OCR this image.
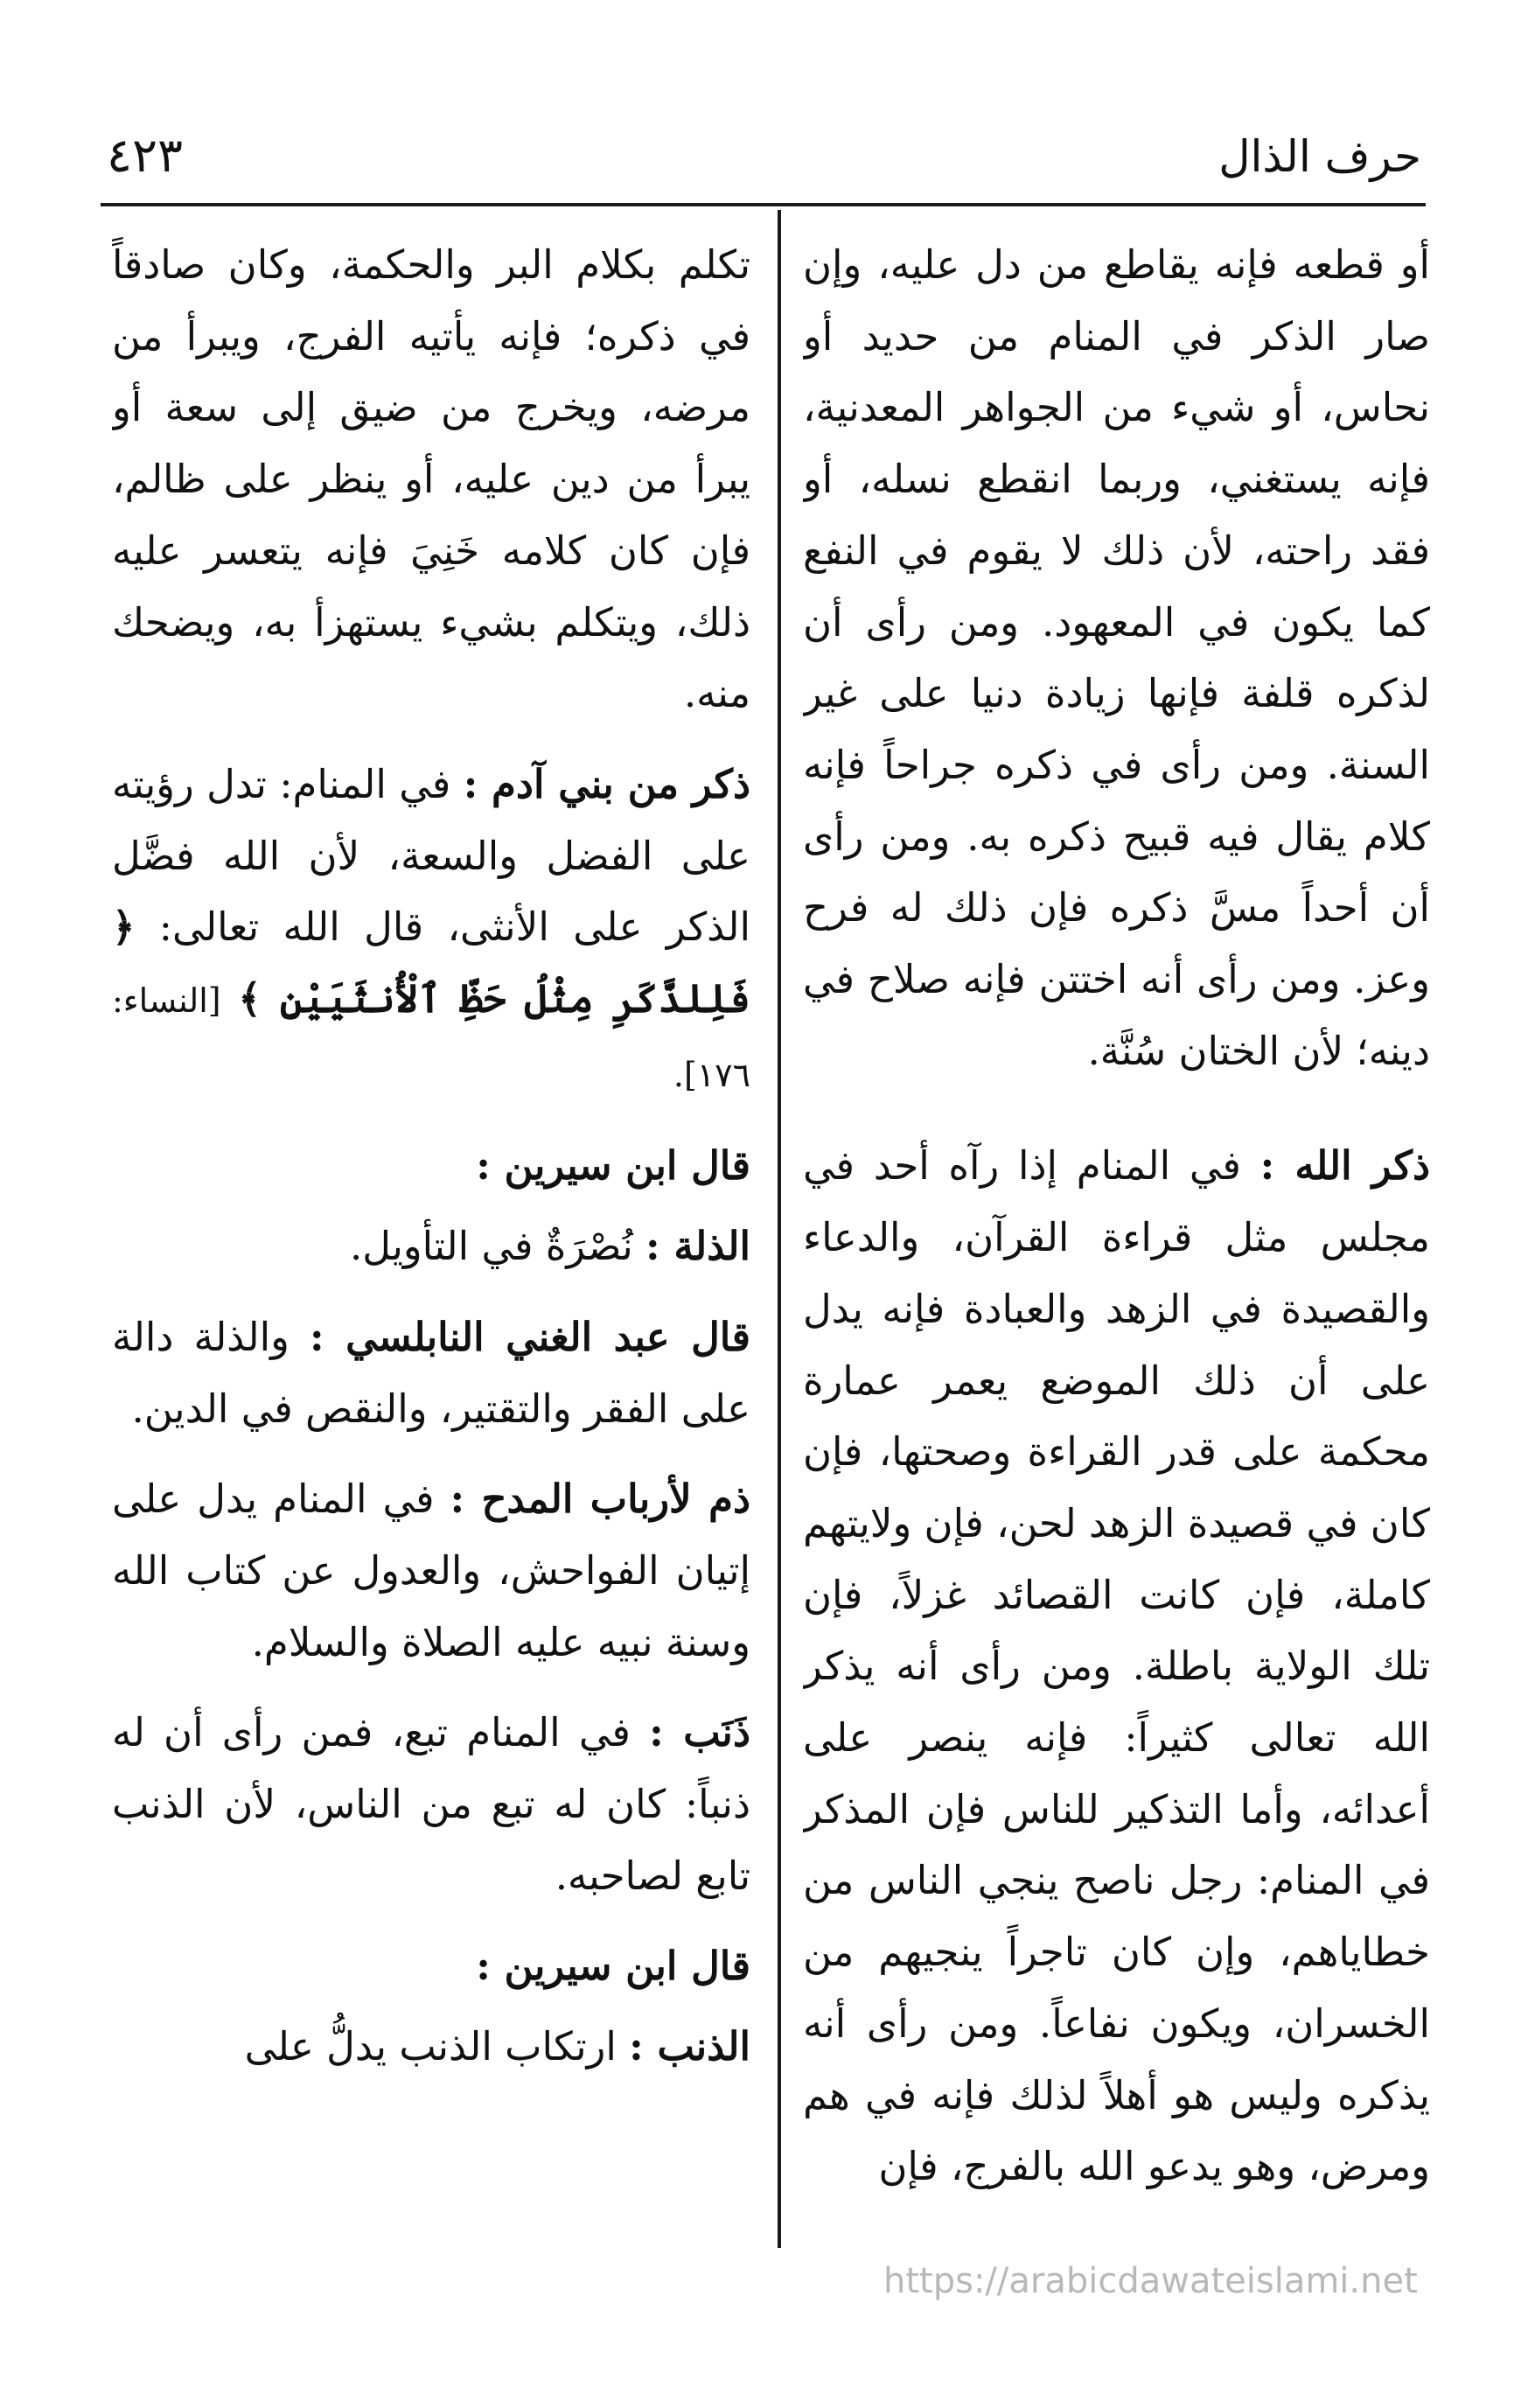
حرف الذال
٤٢٣

أو قطعه فإنه يقاطع من دل عليه، وإن صار الذكر في المنام من حديد أو نحاس، أو شيء من الجواهر المعدنية، فإنه يستغني، وربما انقطع نسله، أو فقد راحته، لأن ذلك لا يقوم في النفع كما يكون في المعهود. ومن رأى أن لذكره قلفة فإنها زيادة دنيا على غير السنة. ومن رأى في ذكره جراحاً فإنه كلام يقال فيه قبيح ذكره به. ومن رأى أن أحداً مسَّ ذكره فإن ذلك له فرح وعز. ومن رأى أنه اختتن فإنه صلاح في دينه؛ لأن الختان سُنَّة.

ذكر الله : في المنام إذا رآه أحد في مجلس مثل قراءة القرآن، والدعاء والقصيدة في الزهد والعبادة فإنه يدل على أن ذلك الموضع يعمر عمارة محكمة على قدر القراءة وصحتها، فإن كان في قصيدة الزهد لحن، فإن ولايتهم كاملة، فإن كانت القصائد غزلاً، فإن تلك الولاية باطلة. ومن رأى أنه يذكر الله تعالى كثيراً: فإنه ينصر على أعدائه، وأما التذكير للناس فإن المذكر في المنام: رجل ناصح ينجي الناس من خطاياهم، وإن كان تاجراً ينجيهم من الخسران، ويكون نفاعاً. ومن رأى أنه يذكره وليس هو أهلاً لذلك فإنه في هم ومرض، وهو يدعو الله بالفرج، فإن

تكلم بكلام البر والحكمة، وكان صادقاً في ذكره؛ فإنه يأتيه الفرج، ويبرأ من مرضه، ويخرج من ضيق إلى سعة أو يبرأ من دين عليه، أو ينظر على ظالم، فإن كان كلامه خَنِيَ فإنه يتعسر عليه ذلك، ويتكلم بشيء يستهزأ به، ويضحك منه.

ذكر من بني آدم : في المنام: تدل رؤيته على الفضل والسعة، لأن الله فضَّل الذكر على الأنثى، قال الله تعالى: ﴿ فَلِلذَّكَرِ مِثْلُ حَظِّ ٱلْأُنثَيَيْنِ ﴾ [النساء: ١٧٦].

قال ابن سيرين :

الذلة : نُصْرَةٌ في التأويل.

قال عبد الغني النابلسي : والذلة دالة على الفقر والتقتير، والنقص في الدين.

ذم لأرباب المدح : في المنام يدل على إتيان الفواحش، والعدول عن كتاب الله وسنة نبيه عليه الصلاة والسلام.

ذَنَب : في المنام تبع، فمن رأى أن له ذنباً: كان له تبع من الناس، لأن الذنب تابع لصاحبه.

قال ابن سيرين :

الذنب : ارتكاب الذنب يدلُّ على

https://arabicdawateislami.net
